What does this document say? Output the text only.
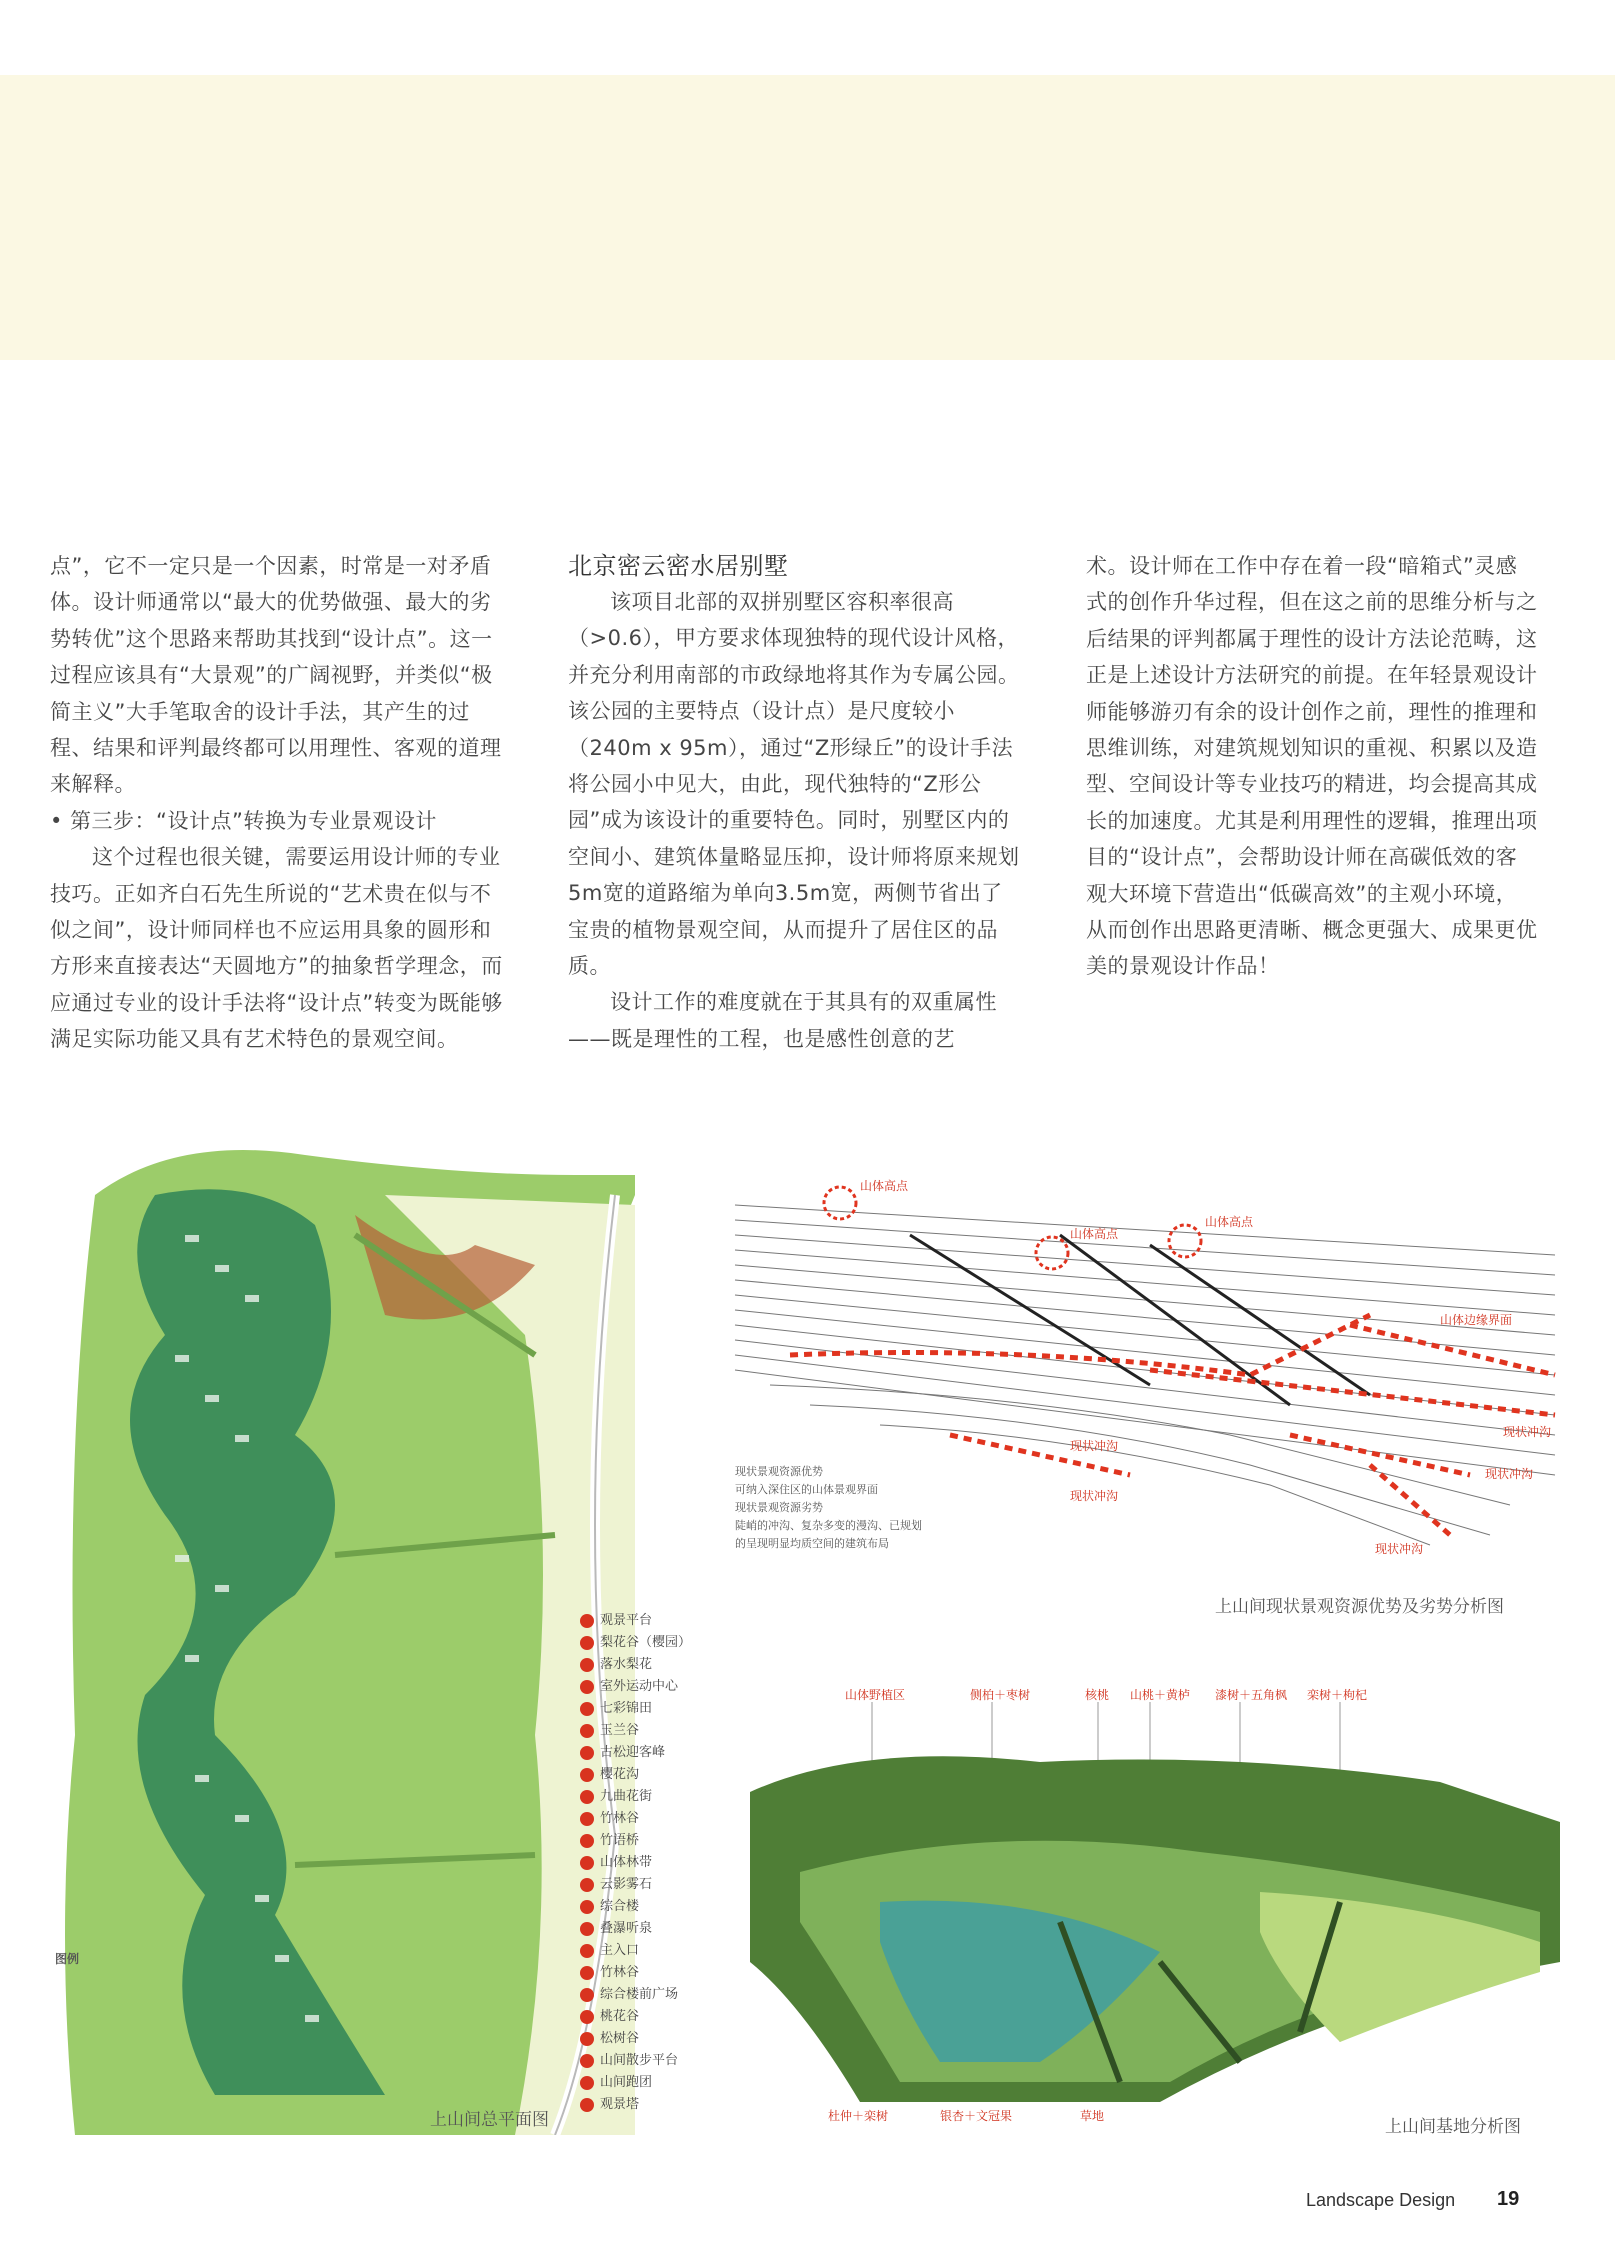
点”，它不一定只是一个因素，时常是一对矛盾体。设计师通常以“最大的优势做强、最大的劣势转优”这个思路来帮助其找到“设计点”。这一过程应该具有“大景观”的广阔视野，并类似“极简主义”大手笔取舍的设计手法，其产生的过程、结果和评判最终都可以用理性、客观的道理来解释。

• 第三步：“设计点”转换为专业景观设计

这个过程也很关键，需要运用设计师的专业技巧。正如齐白石先生所说的“艺术贵在似与不似之间”，设计师同样也不应运用具象的圆形和方形来直接表达“天圆地方”的抽象哲学理念，而应通过专业的设计手法将“设计点”转变为既能够满足实际功能又具有艺术特色的景观空间。

北京密云密水居别墅

该项目北部的双拼别墅区容积率很高（>0.6），甲方要求体现独特的现代设计风格，并充分利用南部的市政绿地将其作为专属公园。该公园的主要特点（设计点）是尺度较小（240m x 95m），通过“Z形绿丘”的设计手法将公园小中见大，由此，现代独特的“Z形公园”成为该设计的重要特色。同时，别墅区内的空间小、建筑体量略显压抑，设计师将原来规划5m宽的道路缩为单向3.5m宽，两侧节省出了宝贵的植物景观空间，从而提升了居住区的品质。

设计工作的难度就在于其具有的双重属性——既是理性的工程，也是感性创意的艺

术。设计师在工作中存在着一段“暗箱式”灵感式的创作升华过程，但在这之前的思维分析与之后结果的评判都属于理性的设计方法论范畴，这正是上述设计方法研究的前提。在年轻景观设计师能够游刃有余的设计创作之前，理性的推理和思维训练，对建筑规划知识的重视、积累以及造型、空间设计等专业技巧的精进，均会提高其成长的加速度。尤其是利用理性的逻辑，推理出项目的“设计点”，会帮助设计师在高碳低效的客观大环境下营造出“低碳高效”的主观小环境，从而创作出思路更清晰、概念更强大、成果更优美的景观设计作品！

观景平台
梨花谷（樱园）
落水梨花
室外运动中心
七彩锦田
玉兰谷
古松迎客峰
樱花沟
九曲花街
竹林谷
竹语桥
山体林带
云影雾石
综合楼
叠瀑听泉
主入口
竹林谷
综合楼前广场
桃花谷
松树谷
山间散步平台
山间跑团
观景塔
图例
上山间总平面图
山体高点
山体高点
山体高点
山体边缘界面
现状冲沟
现状冲沟
现状冲沟
现状冲沟
现状冲沟
现状景观资源优势
可纳入深住区的山体景观界面
现状景观资源劣势
陡峭的冲沟、复杂多变的漫沟、已规划
的呈现明显均质空间的建筑布局
上山间现状景观资源优势及劣势分析图
山体野植区	侧柏＋枣树	核桃 山桃＋黄栌 漆树＋五角枫 栾树＋枸杞
杜仲＋栾树	银杏＋文冠果	草地
上山间基地分析图
Landscape Design 19
